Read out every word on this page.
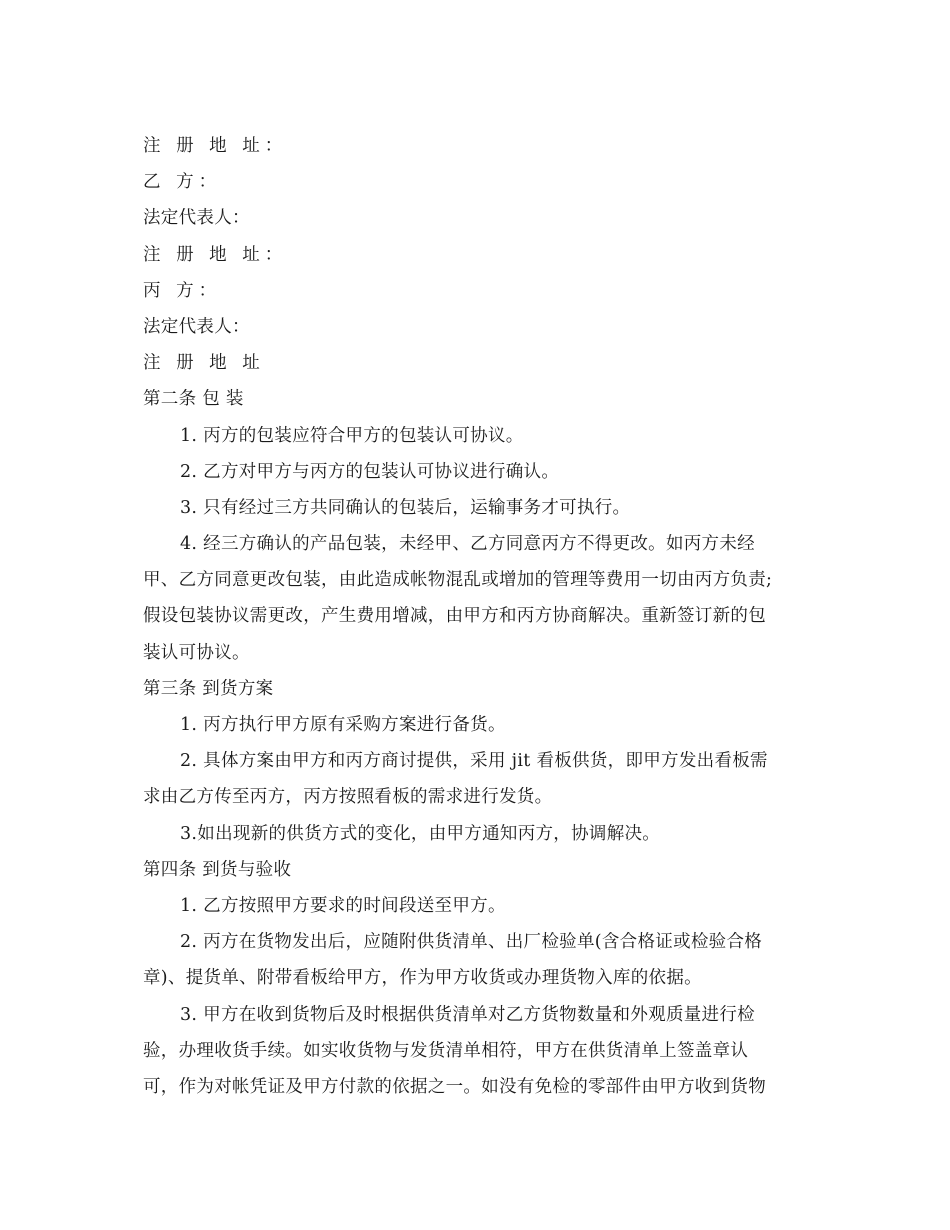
注 册 地 址：
乙 方：
法定代表人：
注 册 地 址：
丙 方：
法定代表人：
注 册 地 址
第二条 包 装
1. 丙方的包装应符合甲方的包装认可协议。
2. 乙方对甲方与丙方的包装认可协议进行确认。
3. 只有经过三方共同确认的包装后，运输事务才可执行。
4. 经三方确认的产品包装，未经甲、乙方同意丙方不得更改。如丙方未经
甲、乙方同意更改包装，由此造成帐物混乱或增加的管理等费用一切由丙方负责;
假设包装协议需更改，产生费用增减，由甲方和丙方协商解决。重新签订新的包
装认可协议。
第三条 到货方案
1. 丙方执行甲方原有采购方案进行备货。
2. 具体方案由甲方和丙方商讨提供，采用 jit 看板供货，即甲方发出看板需
求由乙方传至丙方，丙方按照看板的需求进行发货。
3.如出现新的供货方式的变化，由甲方通知丙方，协调解决。
第四条 到货与验收
1. 乙方按照甲方要求的时间段送至甲方。
2. 丙方在货物发出后，应随附供货清单、出厂检验单(含合格证或检验合格
章)、提货单、附带看板给甲方，作为甲方收货或办理货物入库的依据。
3. 甲方在收到货物后及时根据供货清单对乙方货物数量和外观质量进行检
验，办理收货手续。如实收货物与发货清单相符，甲方在供货清单上签盖章认
可，作为对帐凭证及甲方付款的依据之一。如没有免检的零部件由甲方收到货物
